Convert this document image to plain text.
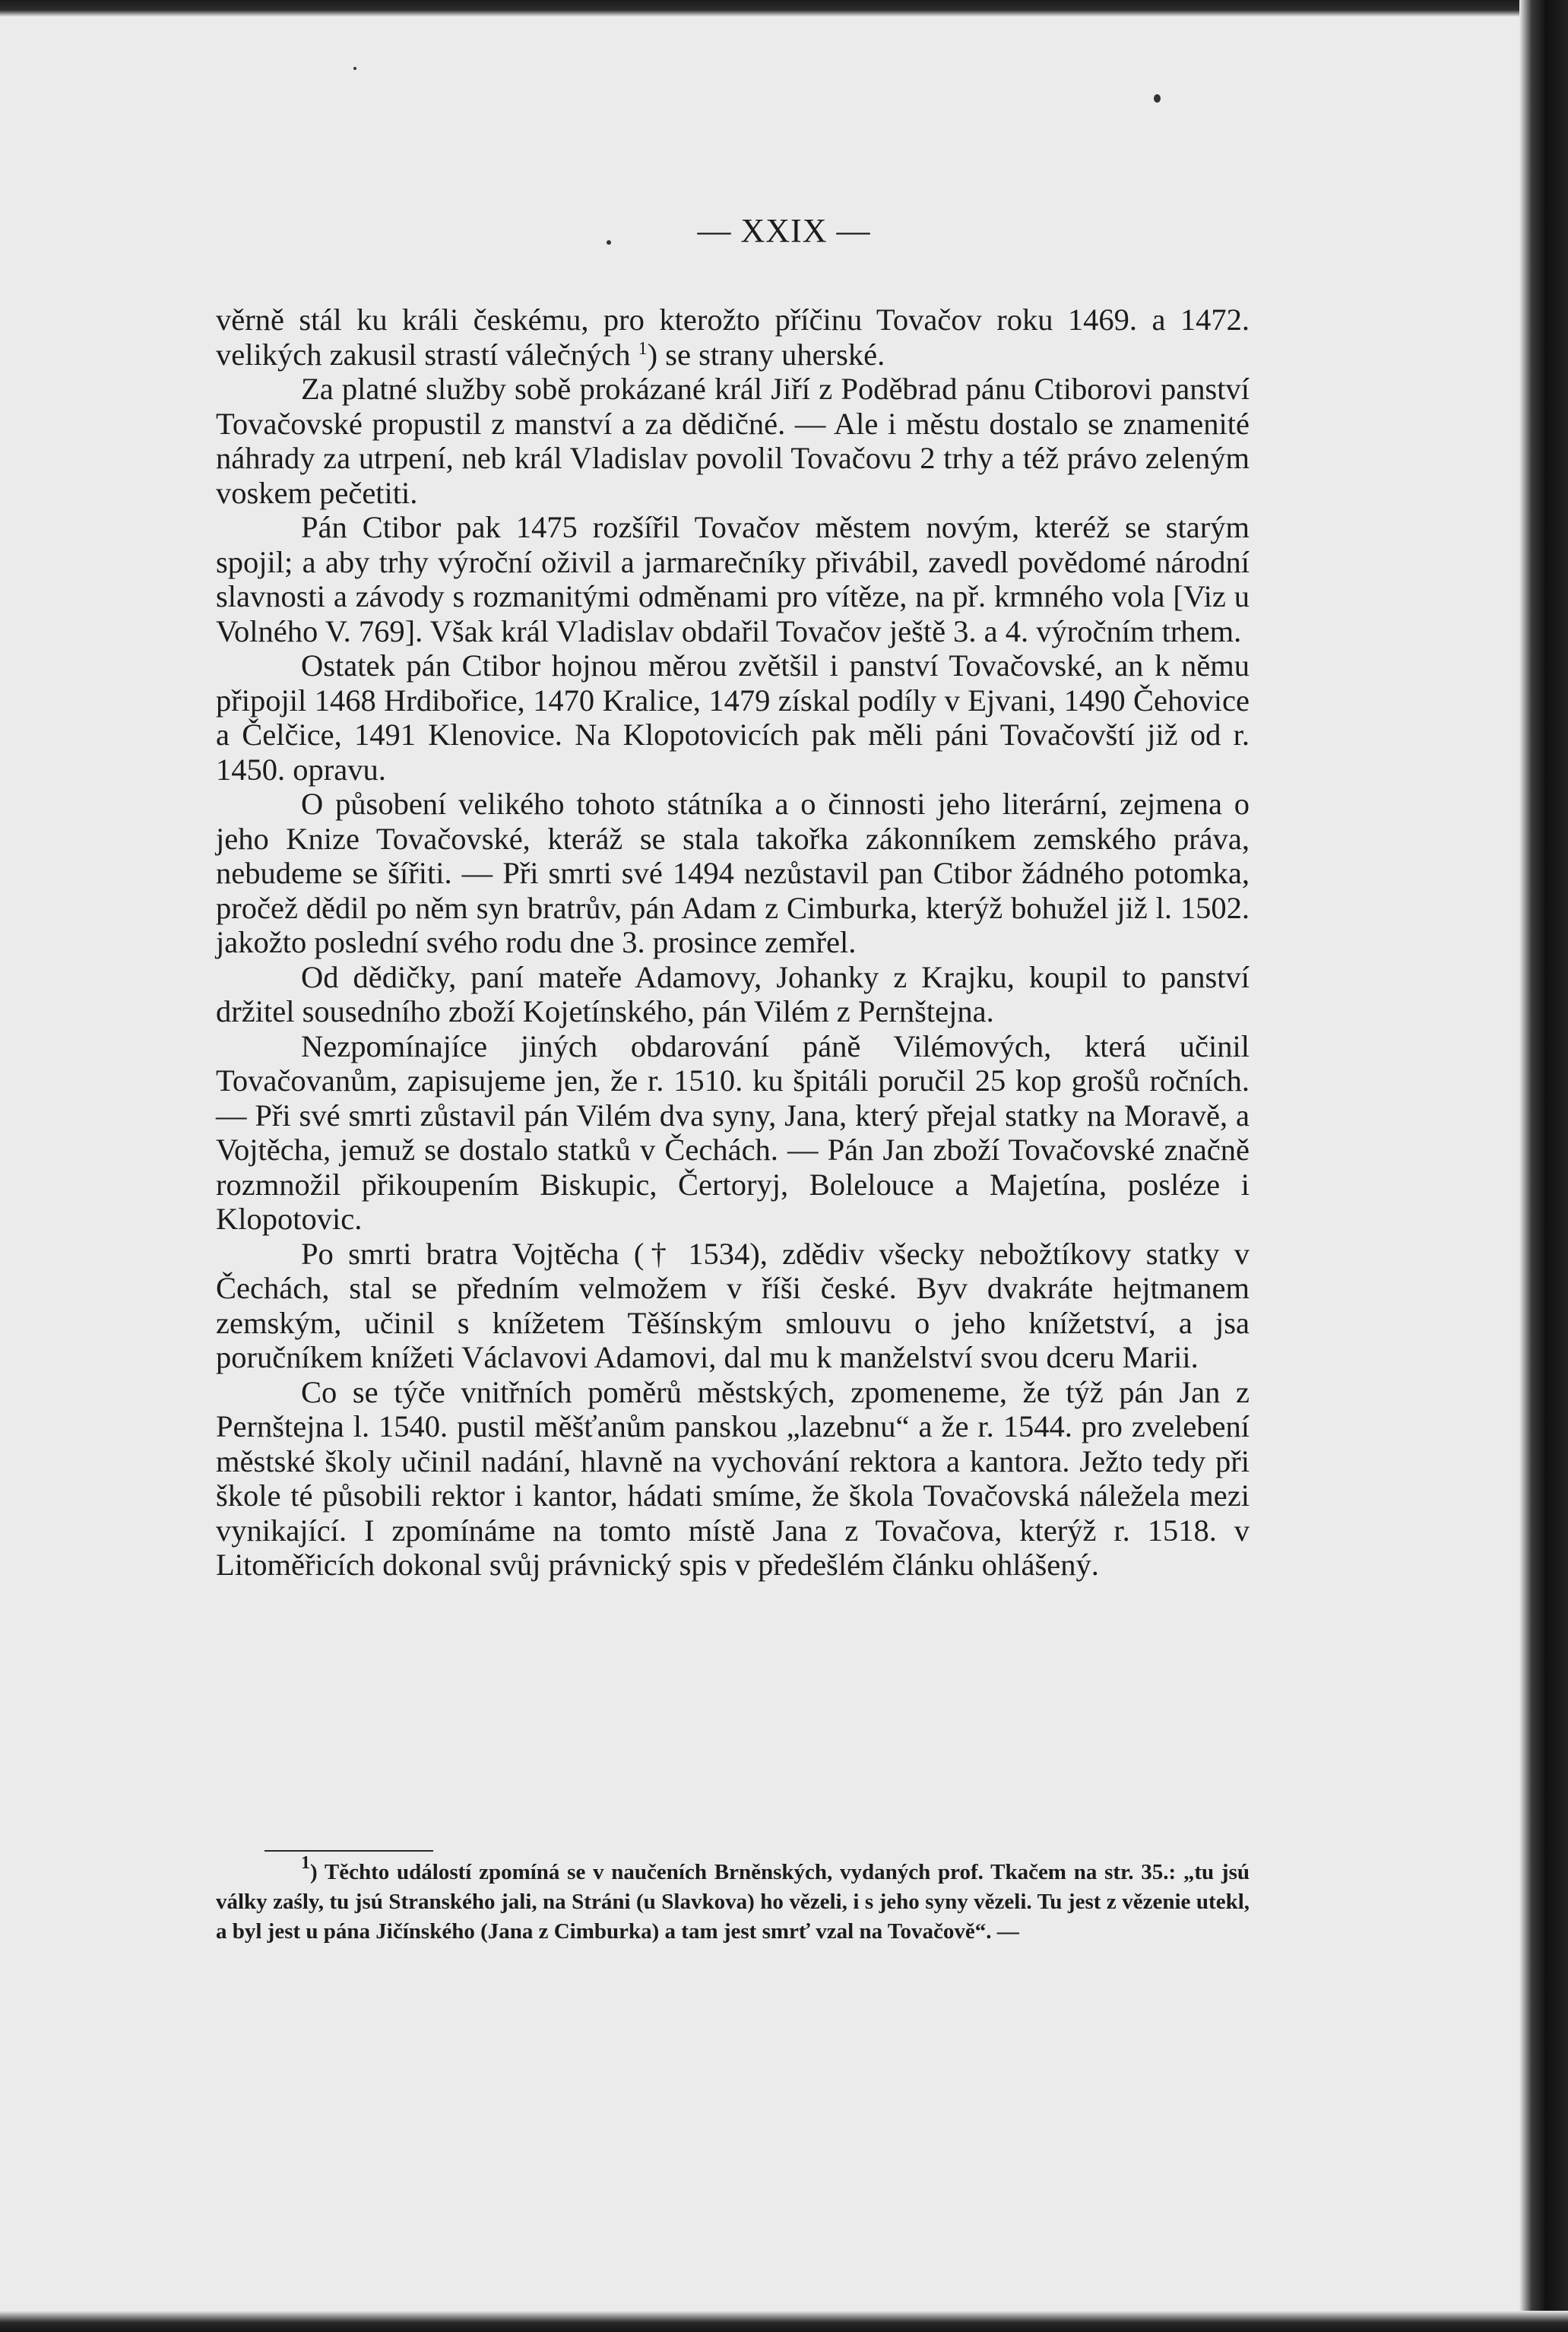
— XXIX —

věrně stál ku králi českému, pro kterožto příčinu Tovačov roku 1469. a 1472. velikých zakusil strastí válečných $^1$) se strany uherské.

Za platné služby sobě prokázané král Jiří z Poděbrad pánu Ctiborovi panství Tovačovské propustil z manství a za dědičné. — Ale i městu dostalo se znamenité náhrady za utrpení, neb král Vladislav povolil Tovačovu 2 trhy a též právo zeleným voskem pečetiti.

Pán Ctibor pak 1475 rozšířil Tovačov městem novým, kteréž se starým spojil; a aby trhy výroční oživil a jarmarečníky přivábil, zavedl povědomé národní slavnosti a závody s rozmanitými odměnami pro vítěze, na př. krmného vola [Viz u Volného V. 769]. Však král Vladislav obdařil Tovačov ještě 3. a 4. výročním trhem.

Ostatek pán Ctibor hojnou měrou zvětšil i panství Tovačovské, an k němu připojil 1468 Hrdibořice, 1470 Kralice, 1479 získal podíly v Ejvani, 1490 Čehovice a Čelčice, 1491 Klenovice. Na Klopotovicích pak měli páni Tovačovští již od r. 1450. opravu.

O působení velikého tohoto státníka a o činnosti jeho literární, zejmena o jeho Knize Tovačovské, kteráž se stala takořka zákonníkem zemského práva, nebudeme se šířiti. — Při smrti své 1494 nezůstavil pan Ctibor žádného potomka, pročež dědil po něm syn bratrův, pán Adam z Cimburka, kterýž bohužel již l. 1502. jakožto poslední svého rodu dne 3. prosince zemřel.

Od dědičky, paní mateře Adamovy, Johanky z Krajku, koupil to panství držitel sousedního zboží Kojetínského, pán Vilém z Pernštejna.

Nezpomínajíce jiných obdarování páně Vilémových, která učinil Tovačovanům, zapisujeme jen, že r. 1510. ku špitáli poručil 25 kop grošů ročních. — Při své smrti zůstavil pán Vilém dva syny, Jana, který přejal statky na Moravě, a Vojtěcha, jemuž se dostalo statků v Čechách. — Pán Jan zboží Tovačovské značně rozmnožil přikoupením Biskupic, Čertoryj, Bolelouce a Majetína, posléze i Klopotovic.

Po smrti bratra Vojtěcha († 1534), zdědiv všecky nebožtíkovy statky v Čechách, stal se předním velmožem v říši české. Byv dvakráte hejtmanem zemským, učinil s knížetem Těšínským smlouvu o jeho knížetství, a jsa poručníkem knížeti Václavovi Adamovi, dal mu k manželství svou dceru Marii.

Co se týče vnitřních poměrů městských, zpomeneme, že týž pán Jan z Pernštejna l. 1540. pustil měšťanům panskou „lazebnu“ a že r. 1544. pro zvelebení městské školy učinil nadání, hlavně na vychování rektora a kantora. Ježto tedy při škole té působili rektor i kantor, hádati smíme, že škola Tovačovská náležela mezi vynikající. I zpomínáme na tomto místě Jana z Tovačova, kterýž r. 1518. v Litoměřicích dokonal svůj právnický spis v předešlém článku ohlášený.

$^1$) Těchto událostí zpomíná se v naučeních Brněnských, vydaných prof. Tkačem na str. 35.: „tu jsú války zaśly, tu jsú Stranského jali, na Stráni (u Slavkova) ho vězeli, i s jeho syny vězeli. Tu jest z vězenie utekl, a byl jest u pána Jičínského (Jana z Cimburka) a tam jest smrť vzal na Tovačově“. —
